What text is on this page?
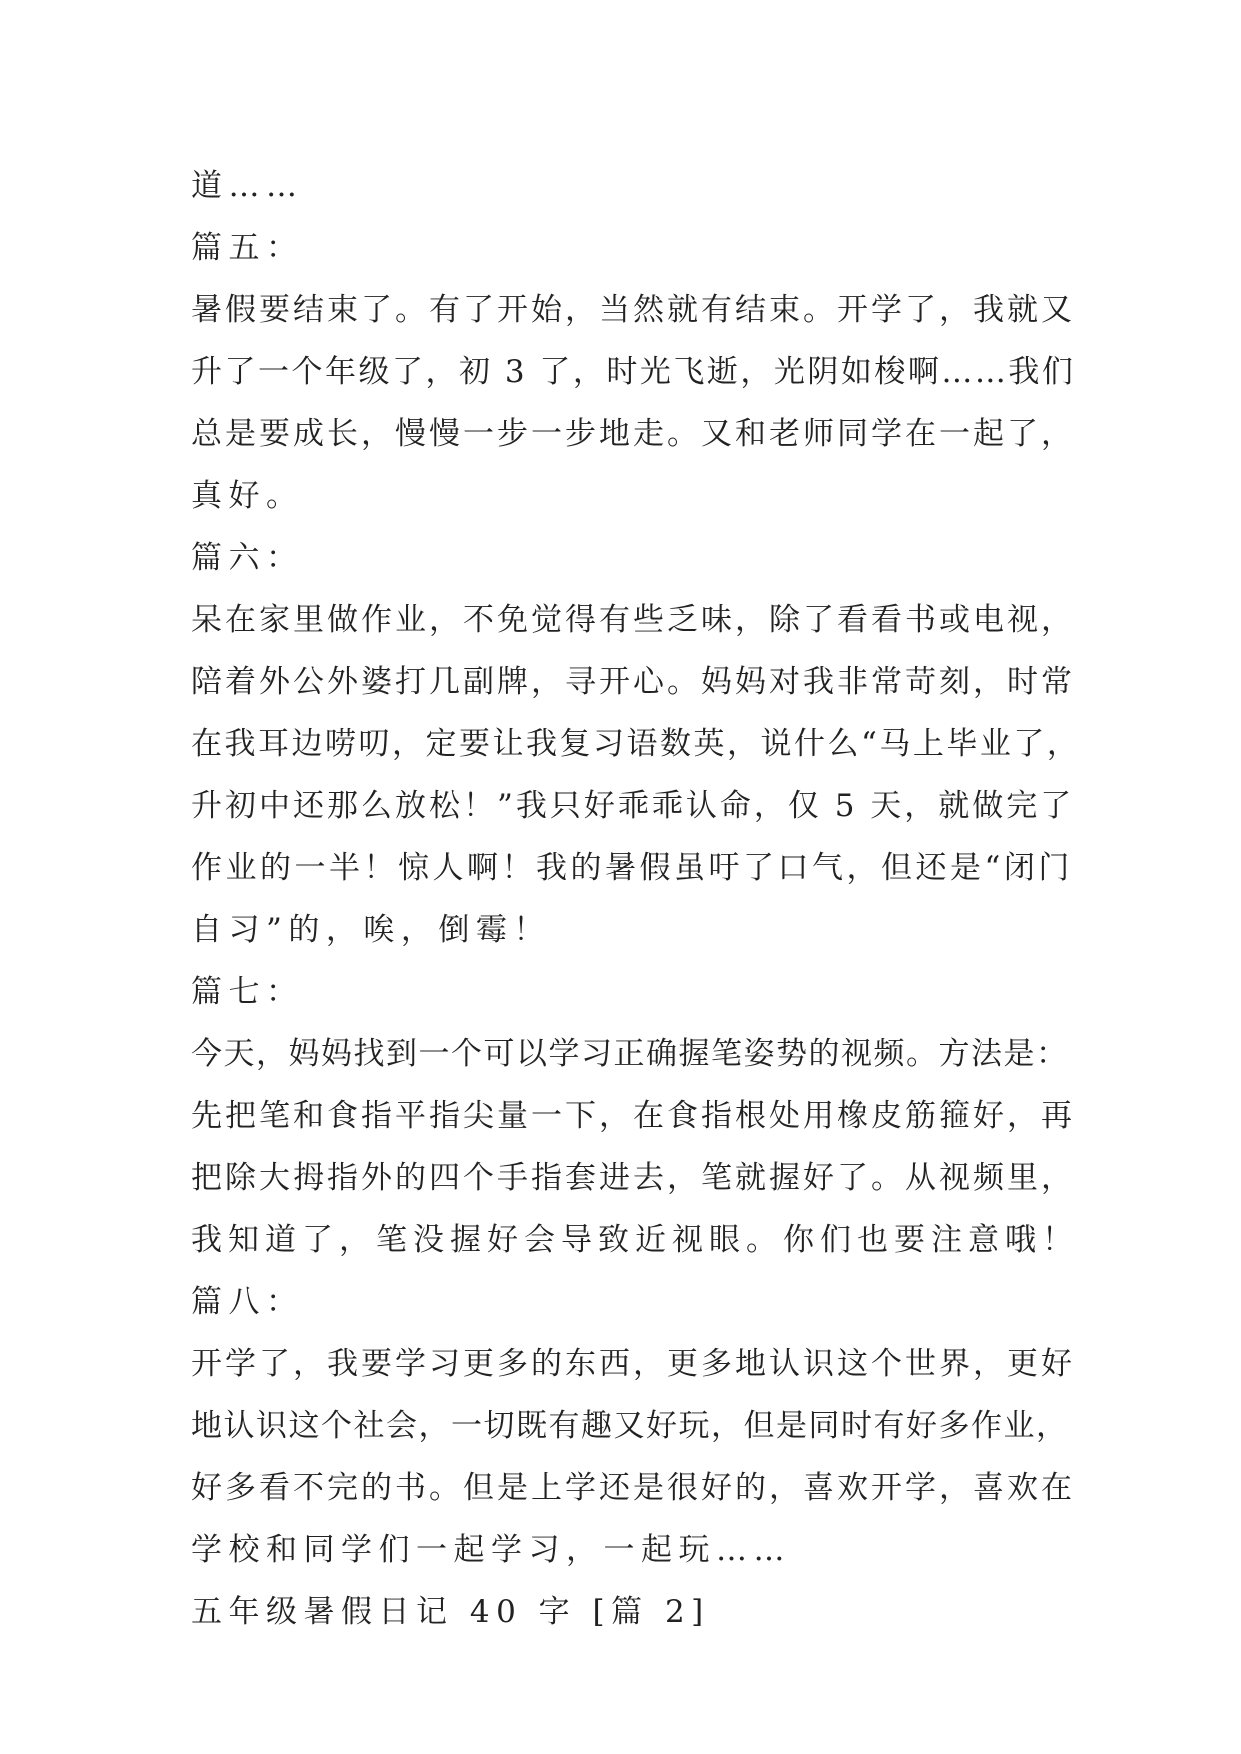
道……
篇五：
暑假要结束了。有了开始，当然就有结束。开学了，我就又
升了一个年级了，初 3 了，时光飞逝，光阴如梭啊……我们
总是要成长，慢慢一步一步地走。又和老师同学在一起了，
真好。
篇六：
呆在家里做作业，不免觉得有些乏味，除了看看书或电视，
陪着外公外婆打几副牌，寻开心。妈妈对我非常苛刻，时常
在我耳边唠叨，定要让我复习语数英，说什么“马上毕业了，
升初中还那么放松！”我只好乖乖认命，仅 5 天，就做完了
作业的一半！惊人啊！我的暑假虽吁了口气，但还是“闭门
自习”的，唉，倒霉！
篇七：
今天，妈妈找到一个可以学习正确握笔姿势的视频。方法是：
先把笔和食指平指尖量一下，在食指根处用橡皮筋箍好，再
把除大拇指外的四个手指套进去，笔就握好了。从视频里，
我知道了，笔没握好会导致近视眼。你们也要注意哦！
篇八：
开学了，我要学习更多的东西，更多地认识这个世界，更好
地认识这个社会，一切既有趣又好玩，但是同时有好多作业，
好多看不完的书。但是上学还是很好的，喜欢开学，喜欢在
学校和同学们一起学习，一起玩……
五年级暑假日记 40 字 [篇 2]
